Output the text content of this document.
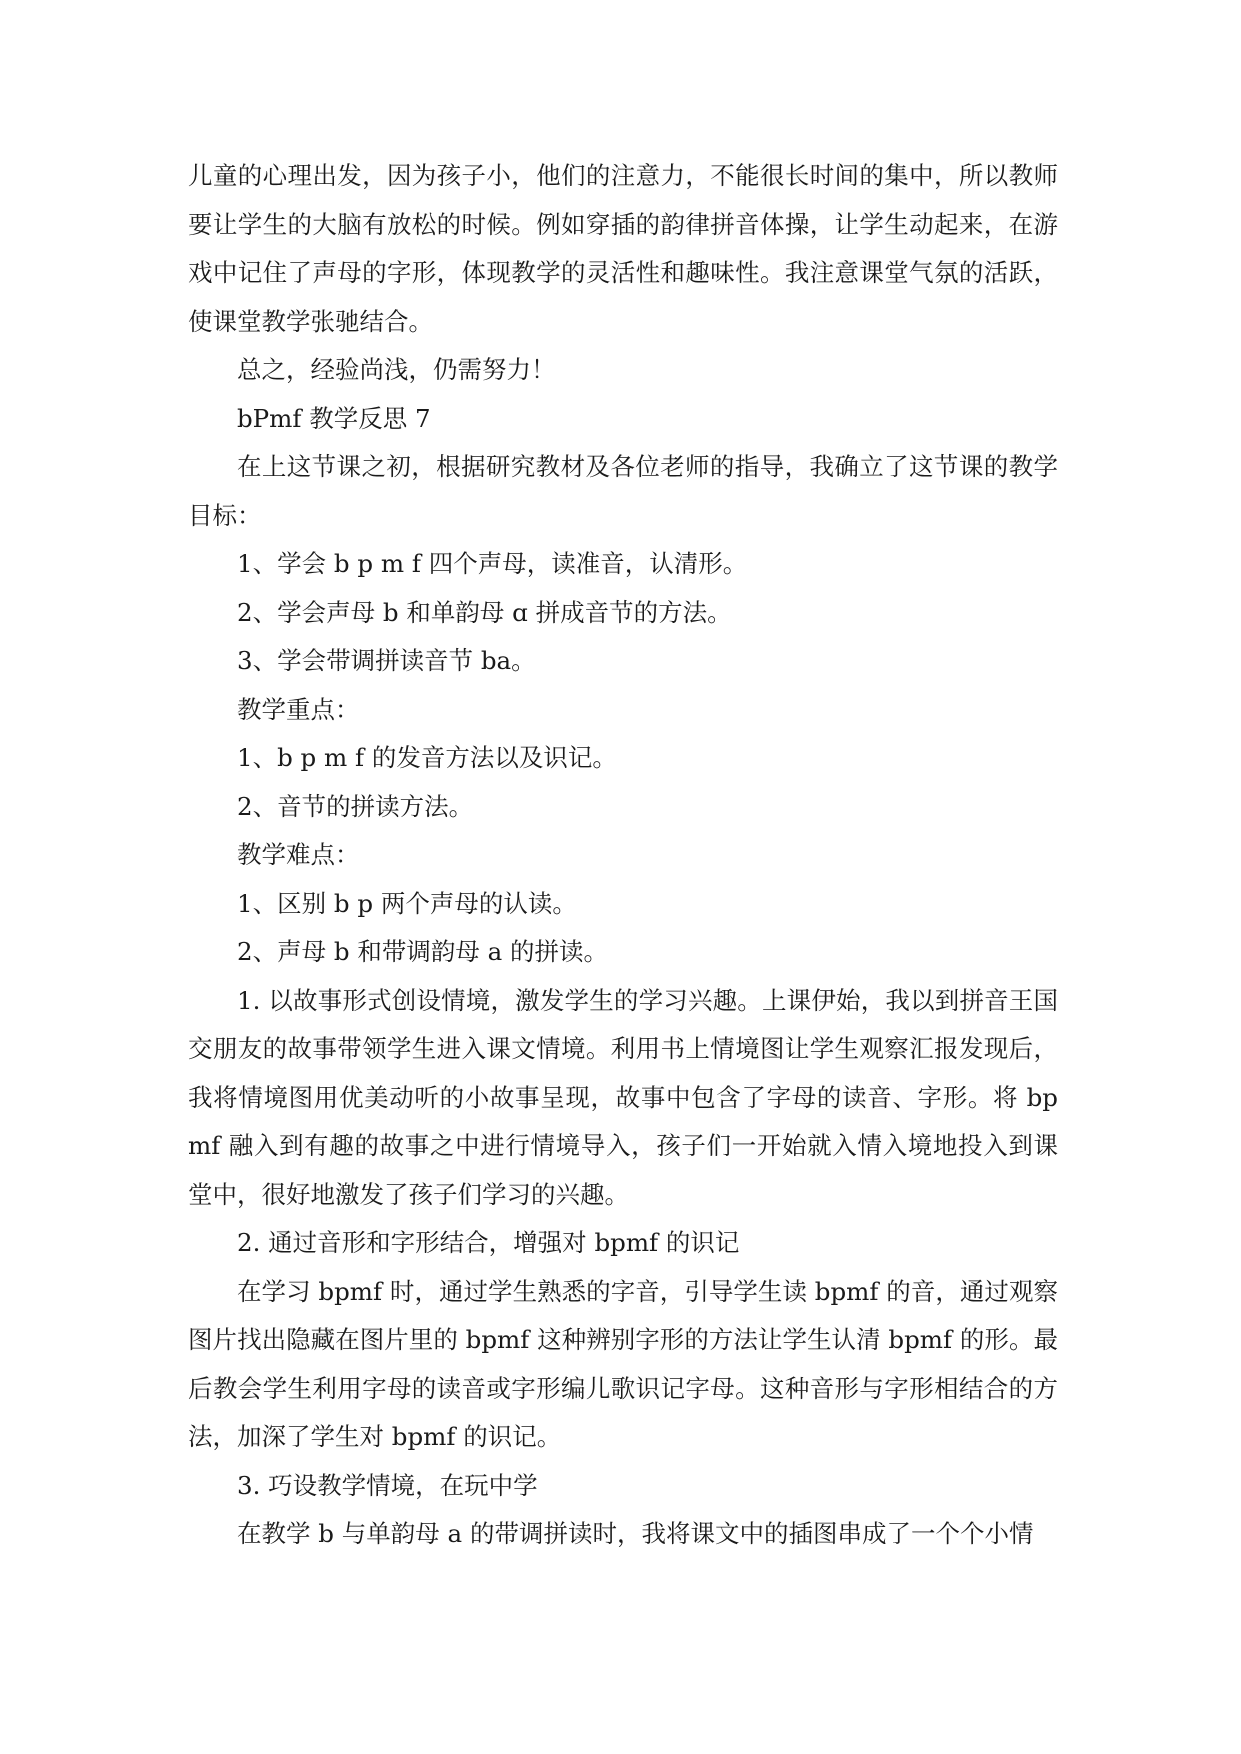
儿童的心理出发，因为孩子小，他们的注意力，不能很长时间的集中，所以教师要让学生的大脑有放松的时候。例如穿插的韵律拼音体操，让学生动起来，在游戏中记住了声母的字形，体现教学的灵活性和趣味性。我注意课堂气氛的活跃，使课堂教学张驰结合。

总之，经验尚浅，仍需努力！

bPmf 教学反思 7

在上这节课之初，根据研究教材及各位老师的指导，我确立了这节课的教学目标：

1、学会 b p m f 四个声母，读准音，认清形。

2、学会声母 b 和单韵母 ɑ 拼成音节的方法。

3、学会带调拼读音节 ba。

教学重点：

1、b p m f 的发音方法以及识记。

2、音节的拼读方法。

教学难点：

1、区别 b p 两个声母的认读。

2、声母 b 和带调韵母 a 的拼读。

1. 以故事形式创设情境，激发学生的学习兴趣。上课伊始，我以到拼音王国交朋友的故事带领学生进入课文情境。利用书上情境图让学生观察汇报发现后，我将情境图用优美动听的小故事呈现，故事中包含了字母的读音、字形。将 bpmf 融入到有趣的故事之中进行情境导入，孩子们一开始就入情入境地投入到课堂中，很好地激发了孩子们学习的兴趣。

2. 通过音形和字形结合，增强对 bpmf 的识记

在学习 bpmf 时，通过学生熟悉的字音，引导学生读 bpmf 的音，通过观察图片找出隐藏在图片里的 bpmf 这种辨别字形的方法让学生认清 bpmf 的形。最后教会学生利用字母的读音或字形编儿歌识记字母。这种音形与字形相结合的方法，加深了学生对 bpmf 的识记。

3. 巧设教学情境，在玩中学

在教学 b 与单韵母 a 的带调拼读时，我将课文中的插图串成了一个个小情
